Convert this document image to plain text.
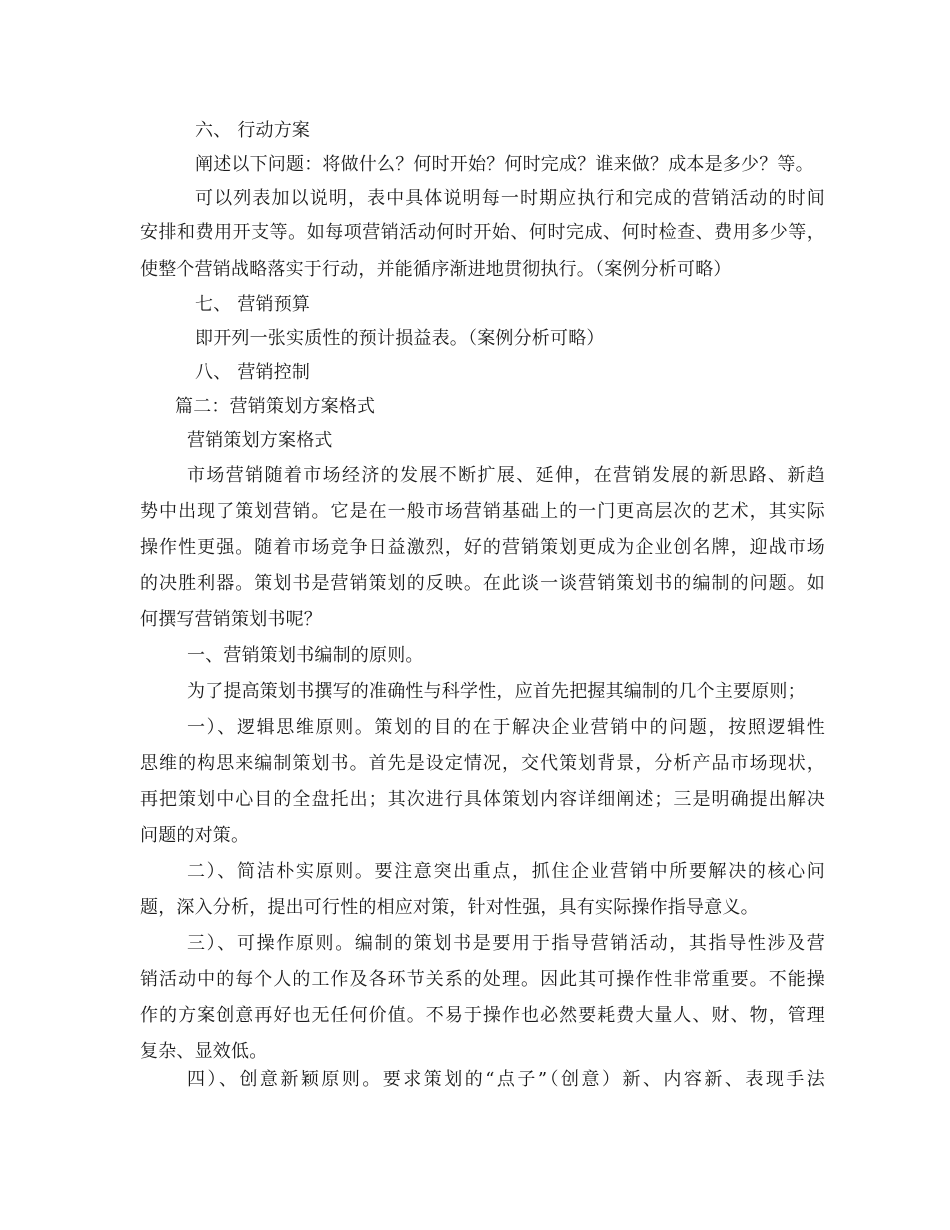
六、 行动方案
阐述以下问题：将做什么？何时开始？何时完成？谁来做？成本是多少？等。
可以列表加以说明，表中具体说明每一时期应执行和完成的营销活动的时间
安排和费用开支等。如每项营销活动何时开始、何时完成、何时检查、费用多少等，
使整个营销战略落实于行动，并能循序渐进地贯彻执行。（案例分析可略）
七、 营销预算
即开列一张实质性的预计损益表。（案例分析可略）
八、 营销控制
篇二：营销策划方案格式
营销策划方案格式
市场营销随着市场经济的发展不断扩展、延伸，在营销发展的新思路、新趋
势中出现了策划营销。它是在一般市场营销基础上的一门更高层次的艺术，其实际
操作性更强。随着市场竞争日益激烈，好的营销策划更成为企业创名牌，迎战市场
的决胜利器。策划书是营销策划的反映。在此谈一谈营销策划书的编制的问题。如
何撰写营销策划书呢？
一、营销策划书编制的原则。
为了提高策划书撰写的准确性与科学性，应首先把握其编制的几个主要原则；
一）、逻辑思维原则。策划的目的在于解决企业营销中的问题，按照逻辑性
思维的构思来编制策划书。首先是设定情况，交代策划背景，分析产品市场现状，
再把策划中心目的全盘托出；其次进行具体策划内容详细阐述；三是明确提出解决
问题的对策。
二）、简洁朴实原则。要注意突出重点，抓住企业营销中所要解决的核心问
题，深入分析，提出可行性的相应对策，针对性强，具有实际操作指导意义。
三）、可操作原则。编制的策划书是要用于指导营销活动，其指导性涉及营
销活动中的每个人的工作及各环节关系的处理。因此其可操作性非常重要。不能操
作的方案创意再好也无任何价值。不易于操作也必然要耗费大量人、财、物，管理
复杂、显效低。
四）、创意新颖原则。要求策划的“点子”（创意）新、内容新、表现手法
